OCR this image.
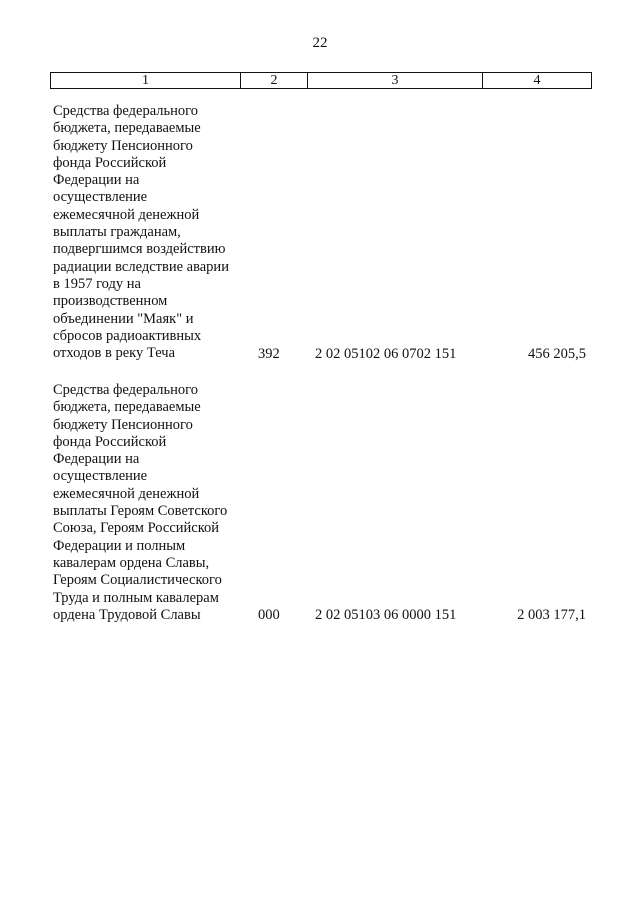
22
1	2	3	4
Средства федерального
бюджета, передаваемые
бюджету Пенсионного
фонда Российской
Федерации на
осуществление
ежемесячной денежной
выплаты гражданам,
подвергшимся воздействию
радиации вследствие аварии
в 1957 году на
производственном
объединении "Маяк" и
сбросов радиоактивных
отходов в реку Теча	392	2 02 05102 06 0702 151	456 205,5
Средства федерального
бюджета, передаваемые
бюджету Пенсионного
фонда Российской
Федерации на
осуществление
ежемесячной денежной
выплаты Героям Советского
Союза, Героям Российской
Федерации и полным
кавалерам ордена Славы,
Героям Социалистического
Труда и полным кавалерам
ордена Трудовой Славы	000	2 02 05103 06 0000 151	2 003 177,1
